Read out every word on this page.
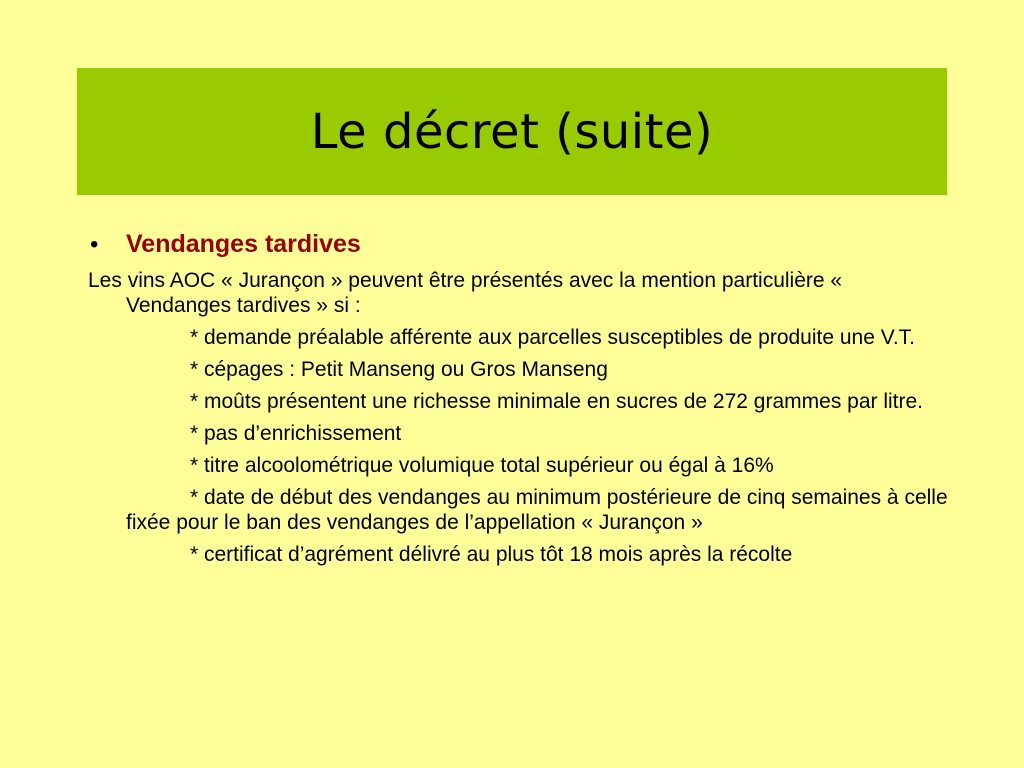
Le décret (suite)
•	Vendanges tardives

Les vins AOC « Jurançon » peuvent être présentés avec la mention particulière « Vendanges tardives » si :

* demande préalable afférente aux parcelles susceptibles de produite une V.T.

* cépages : Petit Manseng ou Gros Manseng

* moûts présentent une richesse minimale en sucres de 272 grammes par litre.

* pas d’enrichissement

* titre alcoolométrique volumique total supérieur ou égal à 16%

* date de début des vendanges au minimum postérieure de cinq semaines à celle fixée pour le ban des vendanges de l’appellation « Jurançon »

* certificat d’agrément délivré au plus tôt 18 mois après la récolte
